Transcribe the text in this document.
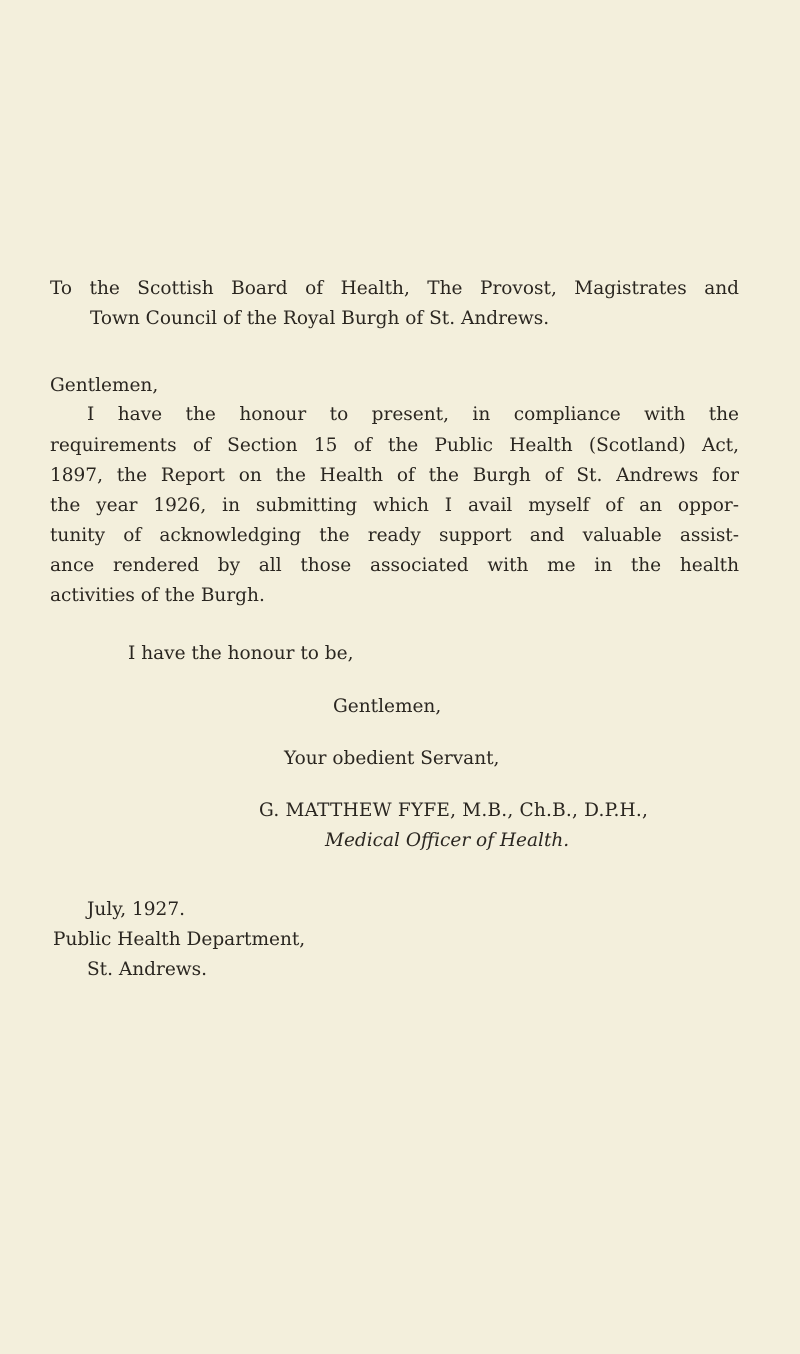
To the Scottish Board of Health, The Provost, Magistrates and

Town Council of the Royal Burgh of St. Andrews.

Gentlemen,

I have the honour to present, in compliance with the

requirements of Section 15 of the Public Health (Scotland) Act,

1897, the Report on the Health of the Burgh of St. Andrews for

the year 1926, in submitting which I avail myself of an oppor-

tunity of acknowledging the ready support and valuable assist-

ance rendered by all those associated with me in the health

activities of the Burgh.

I have the honour to be,

Gentlemen,

Your obedient Servant,

G. MATTHEW FYFE, M.B., Ch.B., D.P.H.,

Medical Officer of Health.

July, 1927.

Public Health Department,

St. Andrews.
